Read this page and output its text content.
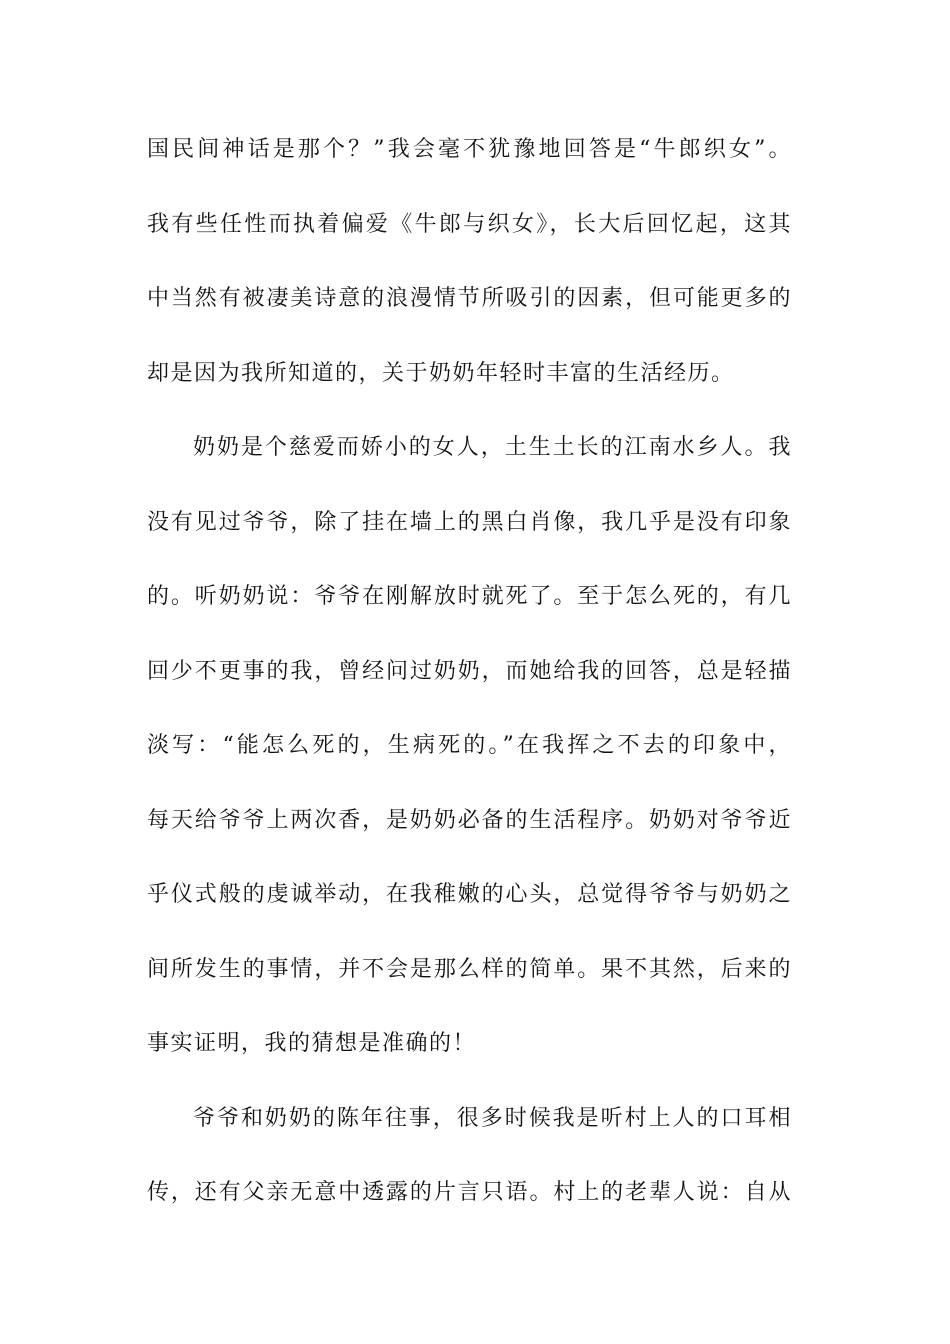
国民间神话是那个？”我会毫不犹豫地回答是“牛郎织女”。
我有些任性而执着偏爱《牛郎与织女》，长大后回忆起，这其
中当然有被凄美诗意的浪漫情节所吸引的因素，但可能更多的
却是因为我所知道的，关于奶奶年轻时丰富的生活经历。
奶奶是个慈爱而娇小的女人，土生土长的江南水乡人。我
没有见过爷爷，除了挂在墙上的黑白肖像，我几乎是没有印象
的。听奶奶说：爷爷在刚解放时就死了。至于怎么死的，有几
回少不更事的我，曾经问过奶奶，而她给我的回答，总是轻描
淡写：“能怎么死的，生病死的。”在我挥之不去的印象中，
每天给爷爷上两次香，是奶奶必备的生活程序。奶奶对爷爷近
乎仪式般的虔诚举动，在我稚嫩的心头，总觉得爷爷与奶奶之
间所发生的事情，并不会是那么样的简单。果不其然，后来的
事实证明，我的猜想是准确的！
爷爷和奶奶的陈年往事，很多时候我是听村上人的口耳相
传，还有父亲无意中透露的片言只语。村上的老辈人说：自从
